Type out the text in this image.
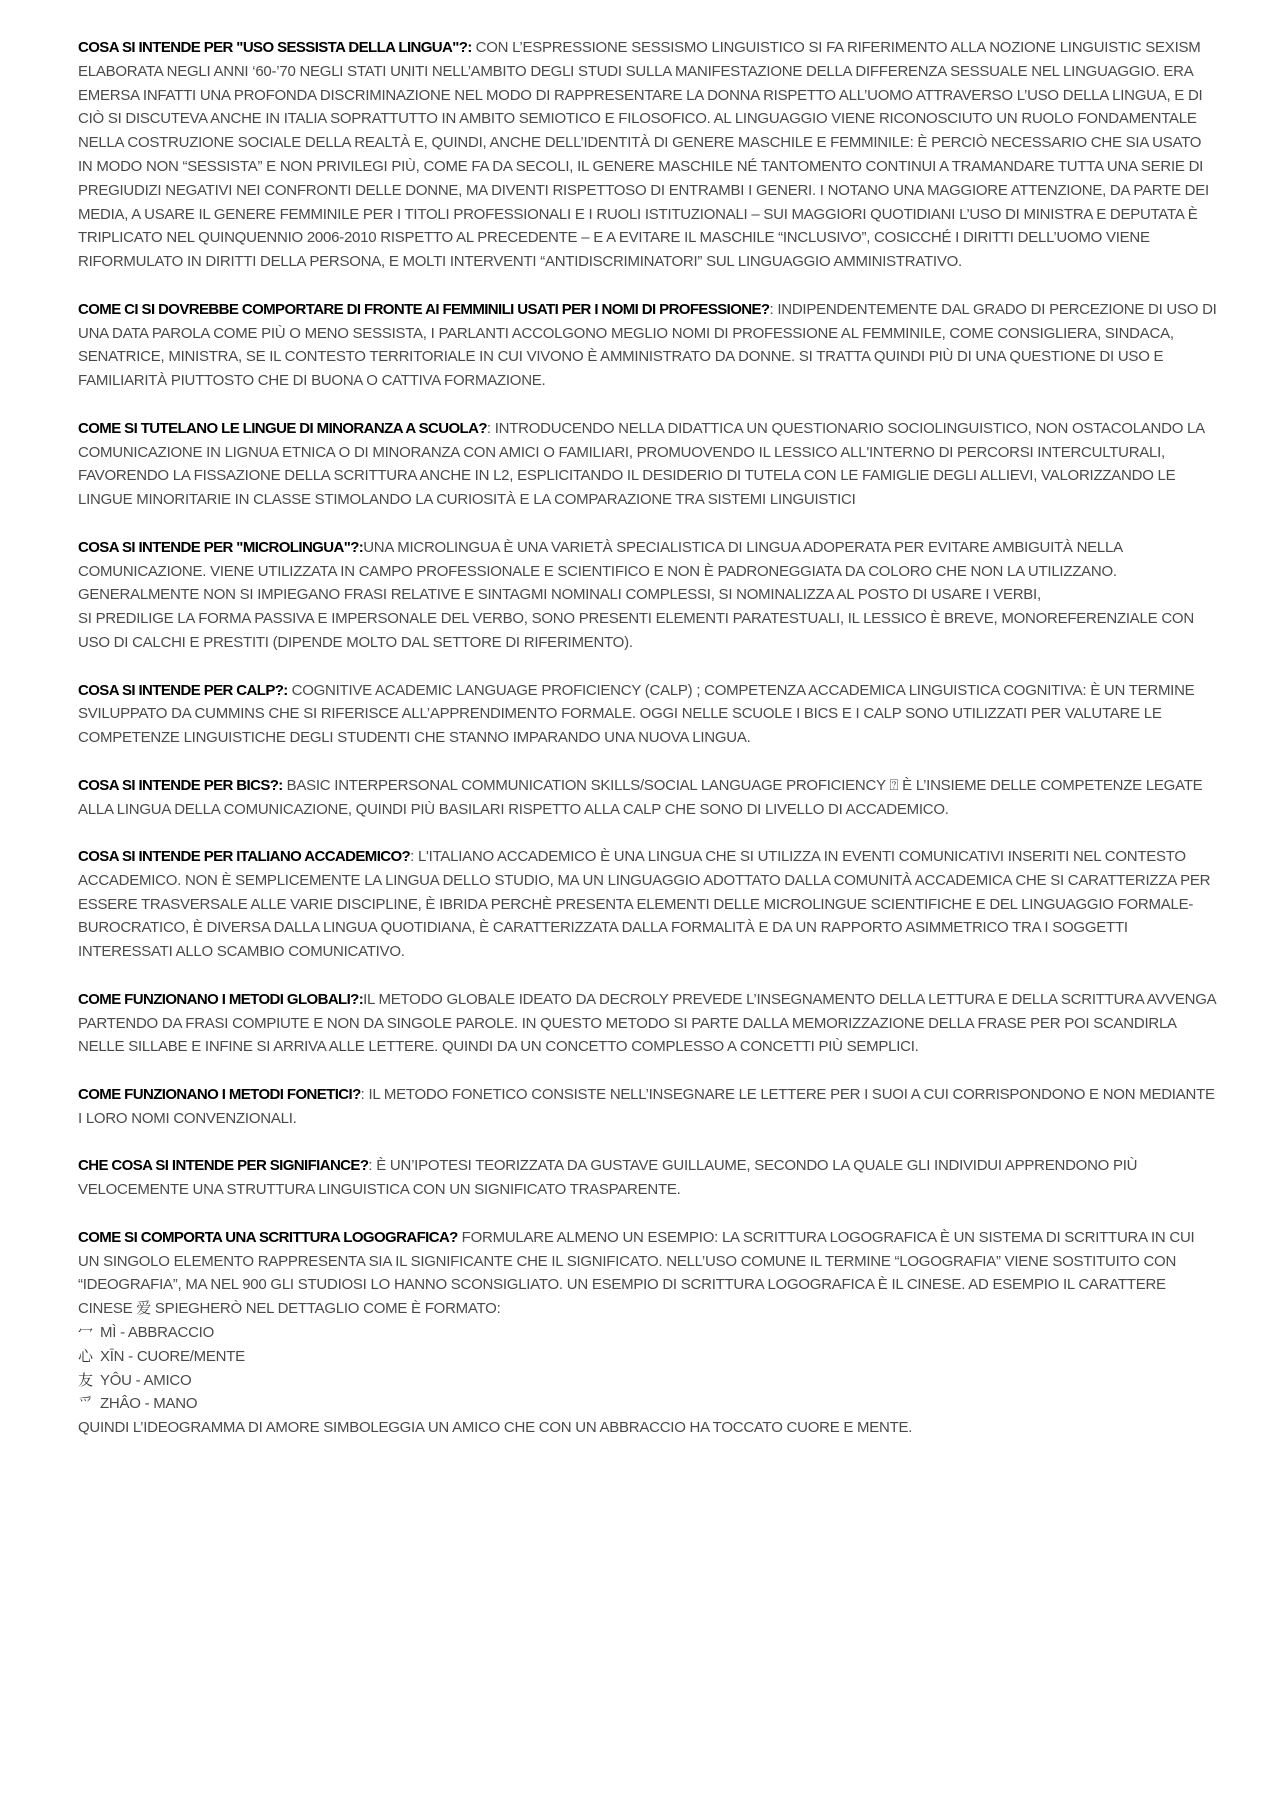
COSA SI INTENDE PER "USO SESSISTA DELLA LINGUA"?: CON L’ESPRESSIONE SESSISMO LINGUISTICO SI FA RIFERIMENTO ALLA NOZIONE LINGUISTIC SEXISM ELABORATA NEGLI ANNI ‘60-’70 NEGLI STATI UNITI NELL’AMBITO DEGLI STUDI SULLA MANIFESTAZIONE DELLA DIFFERENZA SESSUALE NEL LINGUAGGIO. ERA EMERSA INFATTI UNA PROFONDA DISCRIMINAZIONE NEL MODO DI RAPPRESENTARE LA DONNA RISPETTO ALL’UOMO ATTRAVERSO L’USO DELLA LINGUA, E DI CIÒ SI DISCUTEVA ANCHE IN ITALIA SOPRATTUTTO IN AMBITO SEMIOTICO E FILOSOFICO. AL LINGUAGGIO VIENE RICONOSCIUTO UN RUOLO FONDAMENTALE NELLA COSTRUZIONE SOCIALE DELLA REALTÀ E, QUINDI, ANCHE DELL’IDENTITÀ DI GENERE MASCHILE E FEMMINILE: È PERCIÒ NECESSARIO CHE SIA USATO IN MODO NON “SESSISTA” E NON PRIVILEGI PIÙ, COME FA DA SECOLI, IL GENERE MASCHILE NÉ TANTOMENTO CONTINUI A TRAMANDARE TUTTA UNA SERIE DI PREGIUDIZI NEGATIVI NEI CONFRONTI DELLE DONNE, MA DIVENTI RISPETTOSO DI ENTRAMBI I GENERI. I NOTANO UNA MAGGIORE ATTENZIONE, DA PARTE DEI MEDIA, A USARE IL GENERE FEMMINILE PER I TITOLI PROFESSIONALI E I RUOLI ISTITUZIONALI – SUI MAGGIORI QUOTIDIANI L’USO DI MINISTRA E DEPUTATA È TRIPLICATO NEL QUINQUENNIO 2006-2010 RISPETTO AL PRECEDENTE – E A EVITARE IL MASCHILE “INCLUSIVO”, COSICCHÉ I DIRITTI DELL’UOMO VIENE RIFORMULATO IN DIRITTI DELLA PERSONA, E MOLTI INTERVENTI “ANTIDISCRIMINATORI” SUL LINGUAGGIO AMMINISTRATIVO.

COME CI SI DOVREBBE COMPORTARE DI FRONTE AI FEMMINILI USATI PER I NOMI DI PROFESSIONE?: INDIPENDENTEMENTE DAL GRADO DI PERCEZIONE DI USO DI UNA DATA PAROLA COME PIÙ O MENO SESSISTA, I PARLANTI ACCOLGONO MEGLIO NOMI DI PROFESSIONE AL FEMMINILE, COME CONSIGLIERA, SINDACA, SENATRICE, MINISTRA, SE IL CONTESTO TERRITORIALE IN CUI VIVONO È AMMINISTRATO DA DONNE. SI TRATTA QUINDI PIÙ DI UNA QUESTIONE DI USO E FAMILIARITÀ PIUTTOSTO CHE DI BUONA O CATTIVA FORMAZIONE.

COME SI TUTELANO LE LINGUE DI MINORANZA A SCUOLA?: INTRODUCENDO NELLA DIDATTICA UN QUESTIONARIO SOCIOLINGUISTICO, NON OSTACOLANDO LA COMUNICAZIONE IN LIGNUA ETNICA O DI MINORANZA CON AMICI O FAMILIARI, PROMUOVENDO IL LESSICO ALL'INTERNO DI PERCORSI INTERCULTURALI, FAVORENDO LA FISSAZIONE DELLA SCRITTURA ANCHE IN L2, ESPLICITANDO IL DESIDERIO DI TUTELA CON LE FAMIGLIE DEGLI ALLIEVI, VALORIZZANDO LE LINGUE MINORITARIE IN CLASSE STIMOLANDO LA CURIOSITÀ E LA COMPARAZIONE TRA SISTEMI LINGUISTICI

COSA SI INTENDE PER "MICROLINGUA"?:UNA MICROLINGUA È UNA VARIETÀ SPECIALISTICA DI LINGUA ADOPERATA PER EVITARE AMBIGUITÀ NELLA COMUNICAZIONE. VIENE UTILIZZATA IN CAMPO PROFESSIONALE E SCIENTIFICO E NON È PADRONEGGIATA DA COLORO CHE NON LA UTILIZZANO. GENERALMENTE NON SI IMPIEGANO FRASI RELATIVE E SINTAGMI NOMINALI COMPLESSI, SI NOMINALIZZA AL POSTO DI USARE I VERBI,
SI PREDILIGE LA FORMA PASSIVA E IMPERSONALE DEL VERBO, SONO PRESENTI ELEMENTI PARATESTUALI, IL LESSICO È BREVE, MONOREFERENZIALE CON USO DI CALCHI E PRESTITI (DIPENDE MOLTO DAL SETTORE DI RIFERIMENTO).

COSA SI INTENDE PER CALP?: COGNITIVE ACADEMIC LANGUAGE PROFICIENCY (CALP) ; COMPETENZA ACCADEMICA LINGUISTICA COGNITIVA: È UN TERMINE SVILUPPATO DA CUMMINS CHE SI RIFERISCE ALL’APPRENDIMENTO FORMALE. OGGI NELLE SCUOLE I BICS E I CALP SONO UTILIZZATI PER VALUTARE LE COMPETENZE LINGUISTICHE DEGLI STUDENTI CHE STANNO IMPARANDO UNA NUOVA LINGUA.

COSA SI INTENDE PER BICS?: BASIC INTERPERSONAL COMMUNICATION SKILLS/SOCIAL LANGUAGE PROFICIENCY ⍰ È L’INSIEME DELLE COMPETENZE LEGATE ALLA LINGUA DELLA COMUNICAZIONE, QUINDI PIÙ BASILARI RISPETTO ALLA CALP CHE SONO DI LIVELLO DI ACCADEMICO.

COSA SI INTENDE PER ITALIANO ACCADEMICO?: L'ITALIANO ACCADEMICO È UNA LINGUA CHE SI UTILIZZA IN EVENTI COMUNICATIVI INSERITI NEL CONTESTO ACCADEMICO. NON È SEMPLICEMENTE LA LINGUA DELLO STUDIO, MA UN LINGUAGGIO ADOTTATO DALLA COMUNITÀ ACCADEMICA CHE SI CARATTERIZZA PER ESSERE TRASVERSALE ALLE VARIE DISCIPLINE, È IBRIDA PERCHÈ PRESENTA ELEMENTI DELLE MICROLINGUE SCIENTIFICHE E DEL LINGUAGGIO FORMALE-BUROCRATICO, È DIVERSA DALLA LINGUA QUOTIDIANA, È CARATTERIZZATA DALLA FORMALITÀ E DA UN RAPPORTO ASIMMETRICO TRA I SOGGETTI INTERESSATI ALLO SCAMBIO COMUNICATIVO.

COME FUNZIONANO I METODI GLOBALI?:IL METODO GLOBALE IDEATO DA DECROLY PREVEDE L’INSEGNAMENTO DELLA LETTURA E DELLA SCRITTURA AVVENGA PARTENDO DA FRASI COMPIUTE E NON DA SINGOLE PAROLE. IN QUESTO METODO SI PARTE DALLA MEMORIZZAZIONE DELLA FRASE PER POI SCANDIRLA NELLE SILLABE E INFINE SI ARRIVA ALLE LETTERE. QUINDI DA UN CONCETTO COMPLESSO A CONCETTI PIÙ SEMPLICI.

COME FUNZIONANO I METODI FONETICI?: IL METODO FONETICO CONSISTE NELL’INSEGNARE LE LETTERE PER I SUOI A CUI CORRISPONDONO E NON MEDIANTE I LORO NOMI CONVENZIONALI.

CHE COSA SI INTENDE PER SIGNIFIANCE?: È UN’IPOTESI TEORIZZATA DA GUSTAVE GUILLAUME, SECONDO LA QUALE GLI INDIVIDUI APPRENDONO PIÙ VELOCEMENTE UNA STRUTTURA LINGUISTICA CON UN SIGNIFICATO TRASPARENTE.

COME SI COMPORTA UNA SCRITTURA LOGOGRAFICA? FORMULARE ALMENO UN ESEMPIO: LA SCRITTURA LOGOGRAFICA È UN SISTEMA DI SCRITTURA IN CUI UN SINGOLO ELEMENTO RAPPRESENTA SIA IL SIGNIFICANTE CHE IL SIGNIFICATO. NELL’USO COMUNE IL TERMINE “LOGOGRAFIA” VIENE SOSTITUITO CON “IDEOGRAFIA”, MA NEL 900 GLI STUDIOSI LO HANNO SCONSIGLIATO. UN ESEMPIO DI SCRITTURA LOGOGRAFICA È IL CINESE. AD ESEMPIO IL CARATTERE CINESE 爱 SPIEGHERÒ NEL DETTAGLIO COME È FORMATO:
冖 MÌ - ABBRACCIO
心 XĪN - CUORE/MENTE
友 YÔU - AMICO
爫 ZHÂO - MANO
QUINDI L’IDEOGRAMMA DI AMORE SIMBOLEGGIA UN AMICO CHE CON UN ABBRACCIO HA TOCCATO CUORE E MENTE.
